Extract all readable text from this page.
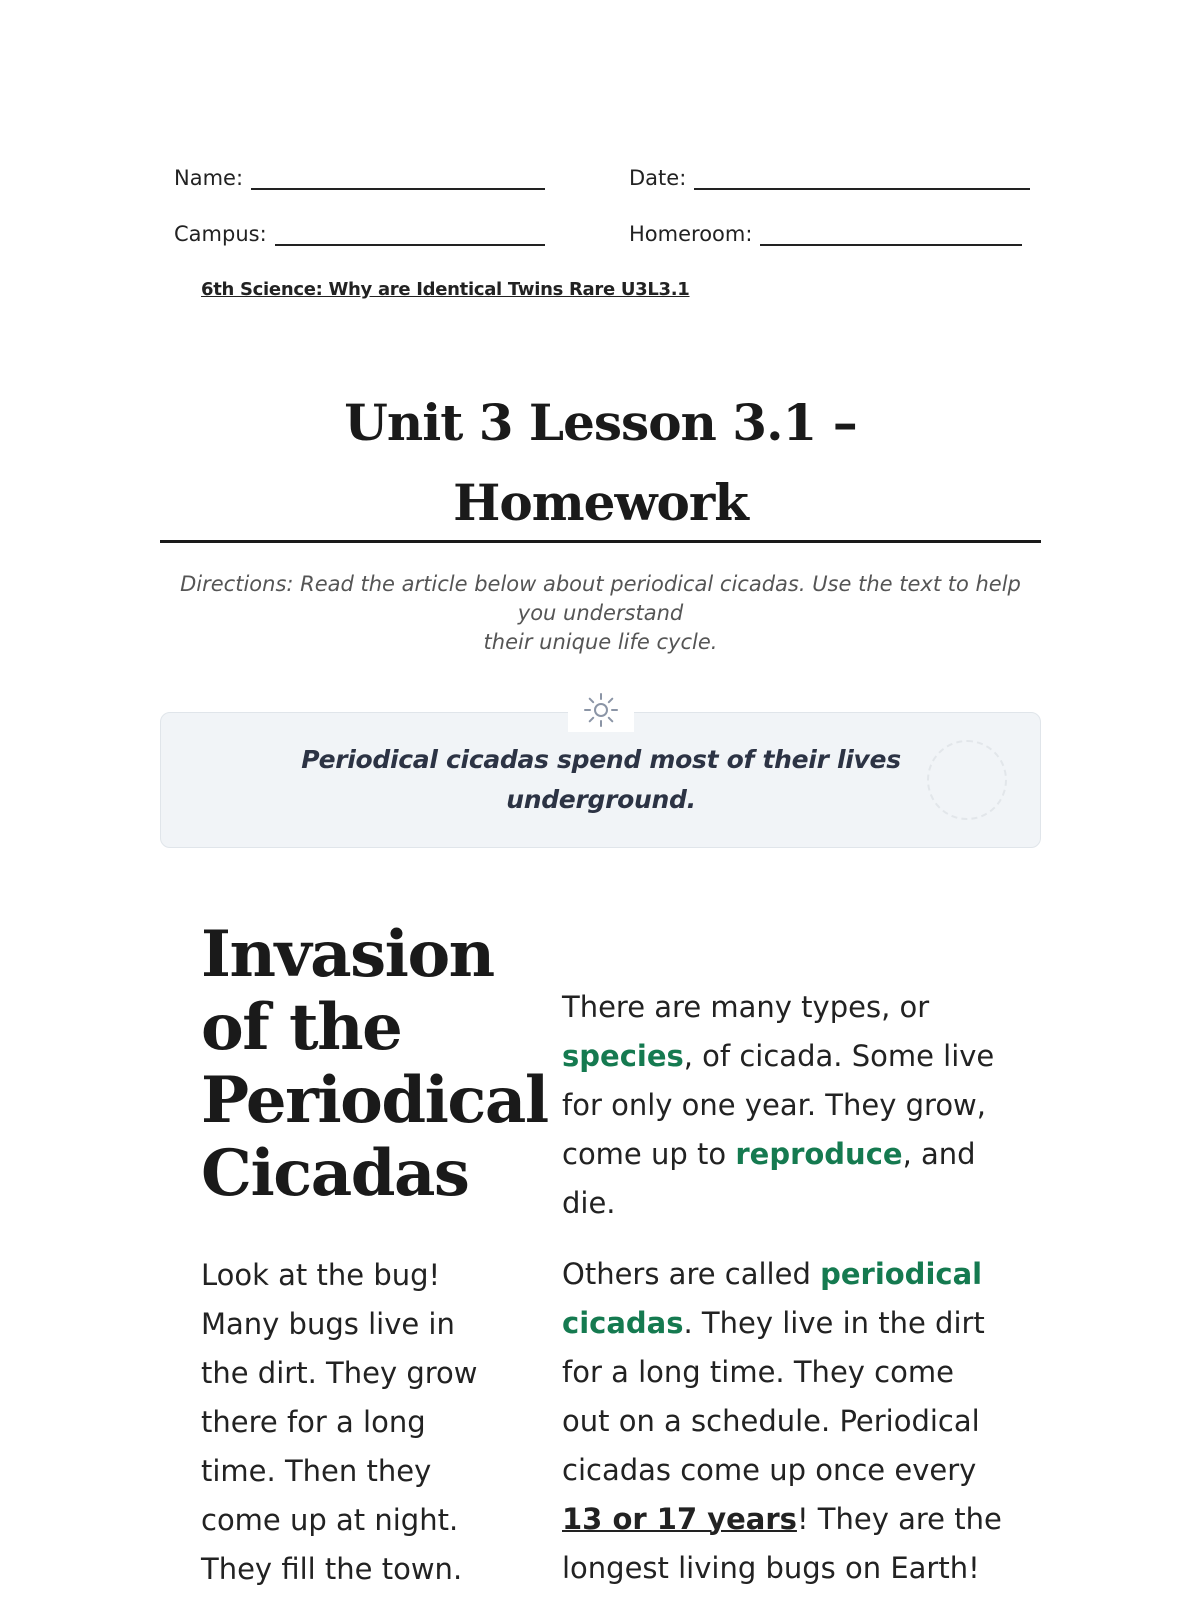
Name:	Date:
Campus:	Homeroom:
6th Science: Why are Identical Twins Rare U3L3.1
Unit 3 Lesson 3.1 –
Homework
Directions: Read the article below about periodical cicadas. Use the text to help
you understand
their unique life cycle.
Periodical cicadas spend most of their lives
underground.
Invasion
of the
Periodical
Cicadas
Look at the bug!
Many bugs live in
the dirt. They grow
there for a long
time. Then they
come up at night.
They fill the town.

There are many types, or species, of cicada. Some live for only one year. They grow, come up to reproduce, and die.

Others are called periodical cicadas. They live in the dirt for a long time. They come out on a schedule. Periodical cicadas come up once every 13 or 17 years! They are the longest living bugs on Earth!
